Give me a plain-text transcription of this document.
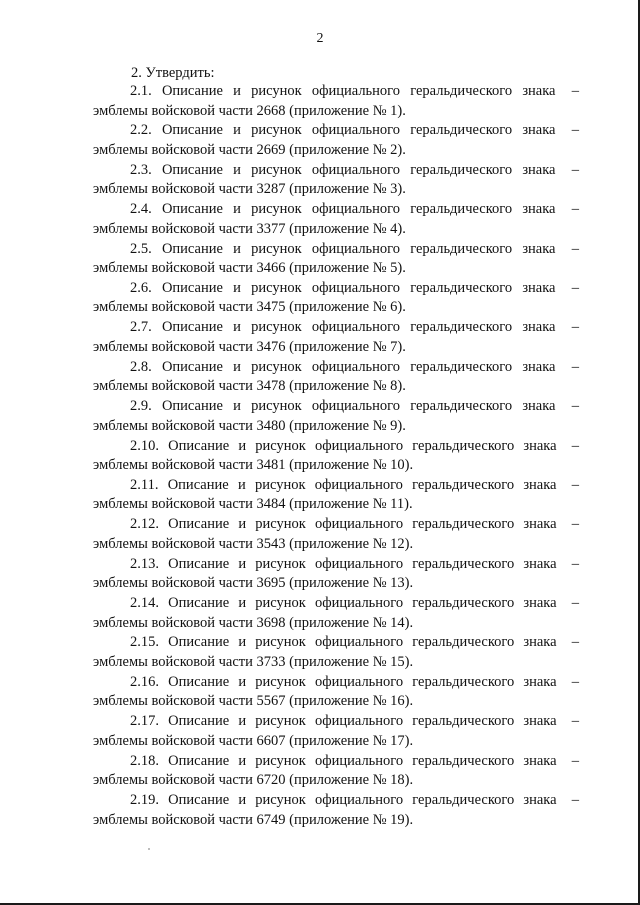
2
2. Утвердить:
2.1. Описание и рисунок официального геральдического знака	–
эмблемы войсковой части 2668 (приложение № 1).
2.2. Описание и рисунок официального геральдического знака	–
эмблемы войсковой части 2669 (приложение № 2).
2.3. Описание и рисунок официального геральдического знака	–
эмблемы войсковой части 3287 (приложение № 3).
2.4. Описание и рисунок официального геральдического знака	–
эмблемы войсковой части 3377 (приложение № 4).
2.5. Описание и рисунок официального геральдического знака	–
эмблемы войсковой части 3466 (приложение № 5).
2.6. Описание и рисунок официального геральдического знака	–
эмблемы войсковой части 3475 (приложение № 6).
2.7. Описание и рисунок официального геральдического знака	–
эмблемы войсковой части 3476 (приложение № 7).
2.8. Описание и рисунок официального геральдического знака	–
эмблемы войсковой части 3478 (приложение № 8).
2.9. Описание и рисунок официального геральдического знака	–
эмблемы войсковой части 3480 (приложение № 9).
2.10. Описание и рисунок официального геральдического знака	–
эмблемы войсковой части 3481 (приложение № 10).
2.11. Описание и рисунок официального геральдического знака	–
эмблемы войсковой части 3484 (приложение № 11).
2.12. Описание и рисунок официального геральдического знака	–
эмблемы войсковой части 3543 (приложение № 12).
2.13. Описание и рисунок официального геральдического знака	–
эмблемы войсковой части 3695 (приложение № 13).
2.14. Описание и рисунок официального геральдического знака	–
эмблемы войсковой части 3698 (приложение № 14).
2.15. Описание и рисунок официального геральдического знака	–
эмблемы войсковой части 3733 (приложение № 15).
2.16. Описание и рисунок официального геральдического знака	–
эмблемы войсковой части 5567 (приложение № 16).
2.17. Описание и рисунок официального геральдического знака	–
эмблемы войсковой части 6607 (приложение № 17).
2.18. Описание и рисунок официального геральдического знака	–
эмблемы войсковой части 6720 (приложение № 18).
2.19. Описание и рисунок официального геральдического знака	–
эмблемы войсковой части 6749 (приложение № 19).
